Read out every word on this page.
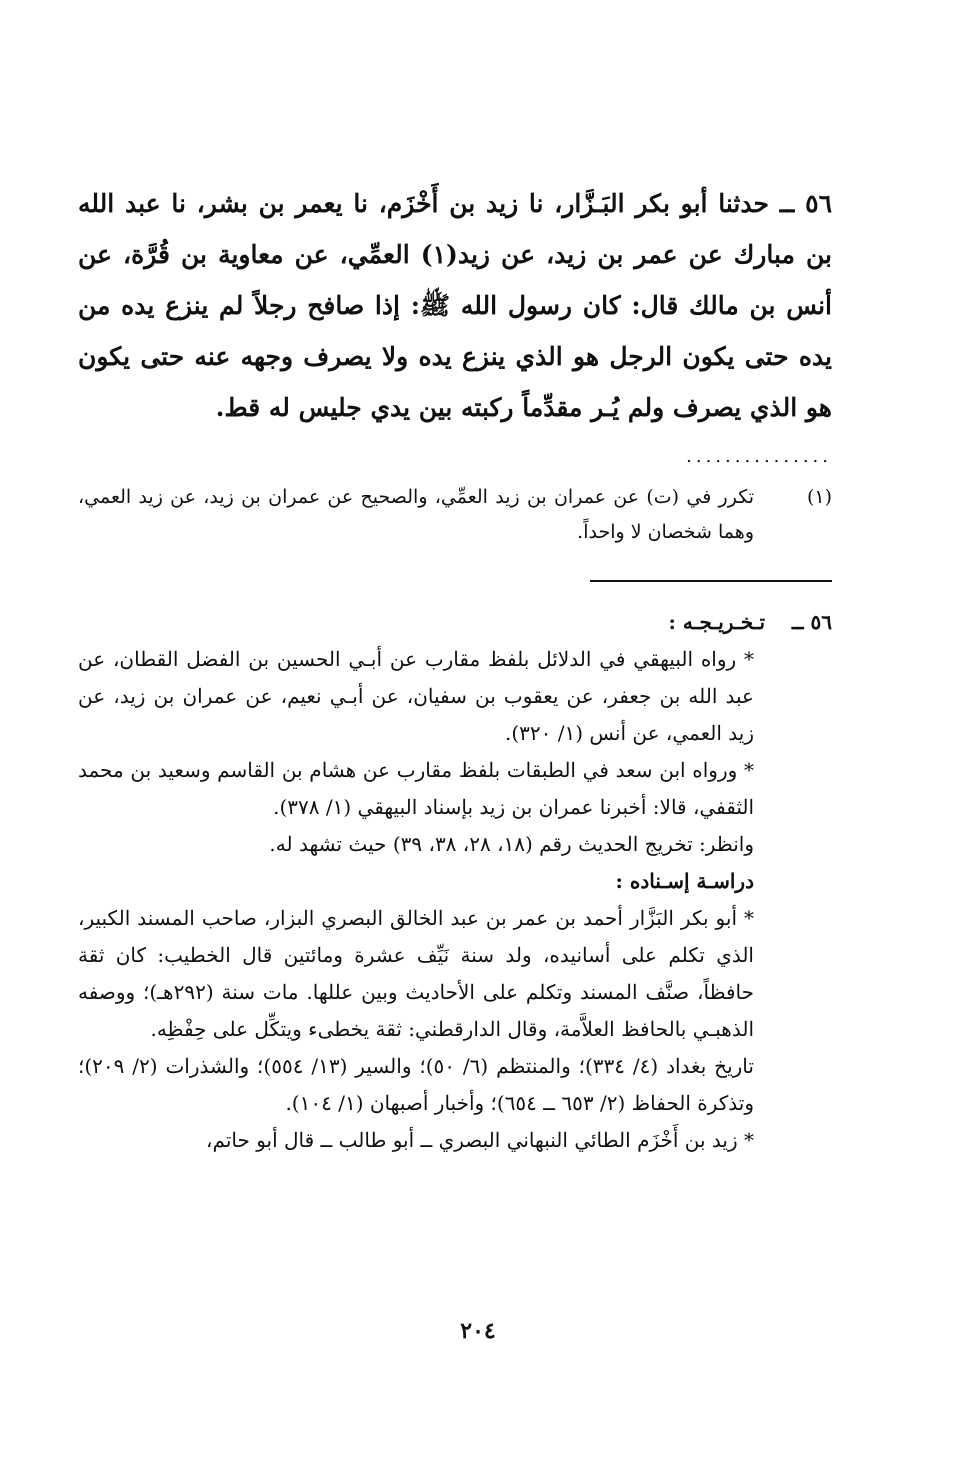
٥٦ ــ حدثنا أبو بكر البَـزَّار، نا زيد بن أَخْزَم، نا يعمر بن بشر، نا عبد الله بن مبارك عن عمر بن زيد، عن زيد(١) العمِّي، عن معاوية بن قُرَّة، عن أنس بن مالك قال: كان رسول الله ﷺ: إذا صافح رجلاً لم ينزع يده من يده حتى يكون الرجل هو الذي ينزع يده ولا يصرف وجهه عنه حتى يكون هو الذي يصرف ولم يُـر مقدِّماً ركبته بين يدي جليس له قط.

...............
(١)
تكرر في (ت) عن عمران بن زيد العمِّي، والصحيح عن عمران بن زيد، عن زيد العمي، وهما شخصان لا واحداً.

٥٦ ــ تـخـريـجـه :

* رواه البيهقي في الدلائل بلفظ مقارب عن أبـي الحسين بن الفضل القطان، عن عبد الله بن جعفر، عن يعقوب بن سفيان، عن أبـي نعيم، عن عمران بن زيد، عن زيد العمي، عن أنس (١/ ٣٢٠).

* ورواه ابن سعد في الطبقات بلفظ مقارب عن هشام بن القاسم وسعيد بن محمد الثقفي، قالا: أخبرنا عمران بن زيد بإسناد البيهقي (١/ ٣٧٨).

وانظر: تخريج الحديث رقم (١٨، ٢٨، ٣٨، ٣٩) حيث تشهد له.

دراسـة إسـناده :

* أبو بكر البَزَّار أحمد بن عمر بن عبد الخالق البصري البزار، صاحب المسند الكبير، الذي تكلم على أسانيده، ولد سنة نَيِّف عشرة ومائتين قال الخطيب: كان ثقة حافظاً، صنَّف المسند وتكلم على الأحاديث وبين عللها. مات سنة (٢٩٢هـ)؛ ووصفه الذهبـي بالحافظ العلاَّمة، وقال الدارقطني: ثقة يخطىء ويتكِّل على حِفْظِه.

تاريخ بغداد (٤/ ٣٣٤)؛ والمنتظم (٦/ ٥٠)؛ والسير (١٣/ ٥٥٤)؛ والشذرات (٢/ ٢٠٩)؛ وتذكرة الحفاظ (٢/ ٦٥٣ ــ ٦٥٤)؛ وأخبار أصبهان (١/ ١٠٤).

* زيد بن أَخْزَم الطائي النبهاني البصري ــ أبو طالب ــ قال أبو حاتم،

٢٠٤
